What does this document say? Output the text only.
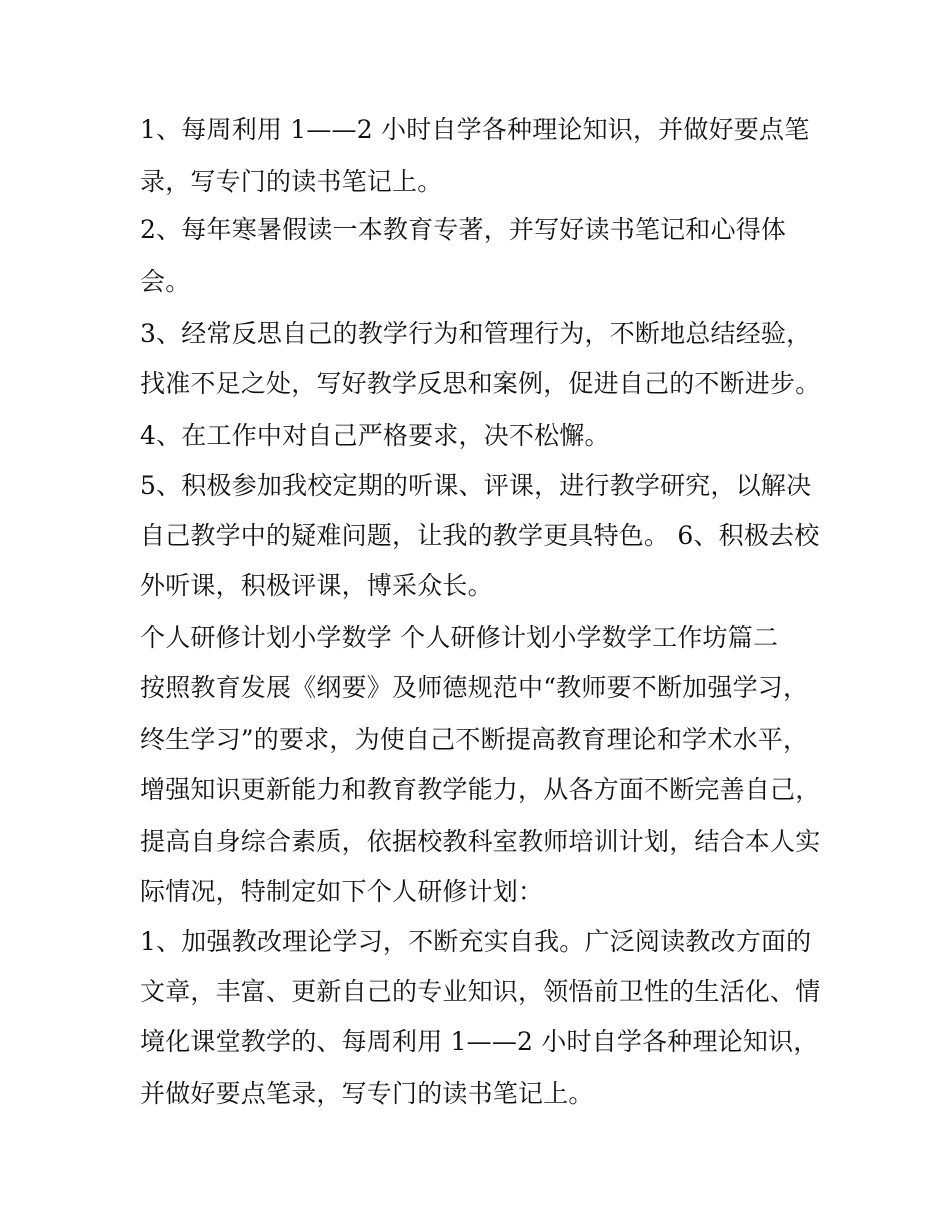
1、每周利用 1——2 小时自学各种理论知识，并做好要点笔
录，写专门的读书笔记上。
2、每年寒暑假读一本教育专著，并写好读书笔记和心得体
会。
3、经常反思自己的教学行为和管理行为，不断地总结经验，
找准不足之处，写好教学反思和案例，促进自己的不断进步。
4、在工作中对自己严格要求，决不松懈。
5、积极参加我校定期的听课、评课，进行教学研究，以解决
自己教学中的疑难问题，让我的教学更具特色。 6、积极去校
外听课，积极评课，博采众长。
个人研修计划小学数学 个人研修计划小学数学工作坊篇二
按照教育发展《纲要》及师德规范中“教师要不断加强学习，
终生学习”的要求，为使自己不断提高教育理论和学术水平，
增强知识更新能力和教育教学能力，从各方面不断完善自己，
提高自身综合素质，依据校教科室教师培训计划，结合本人实
际情况，特制定如下个人研修计划：
1、加强教改理论学习，不断充实自我。广泛阅读教改方面的
文章，丰富、更新自己的专业知识，领悟前卫性的生活化、情
境化课堂教学的、每周利用 1——2 小时自学各种理论知识，
并做好要点笔录，写专门的读书笔记上。
